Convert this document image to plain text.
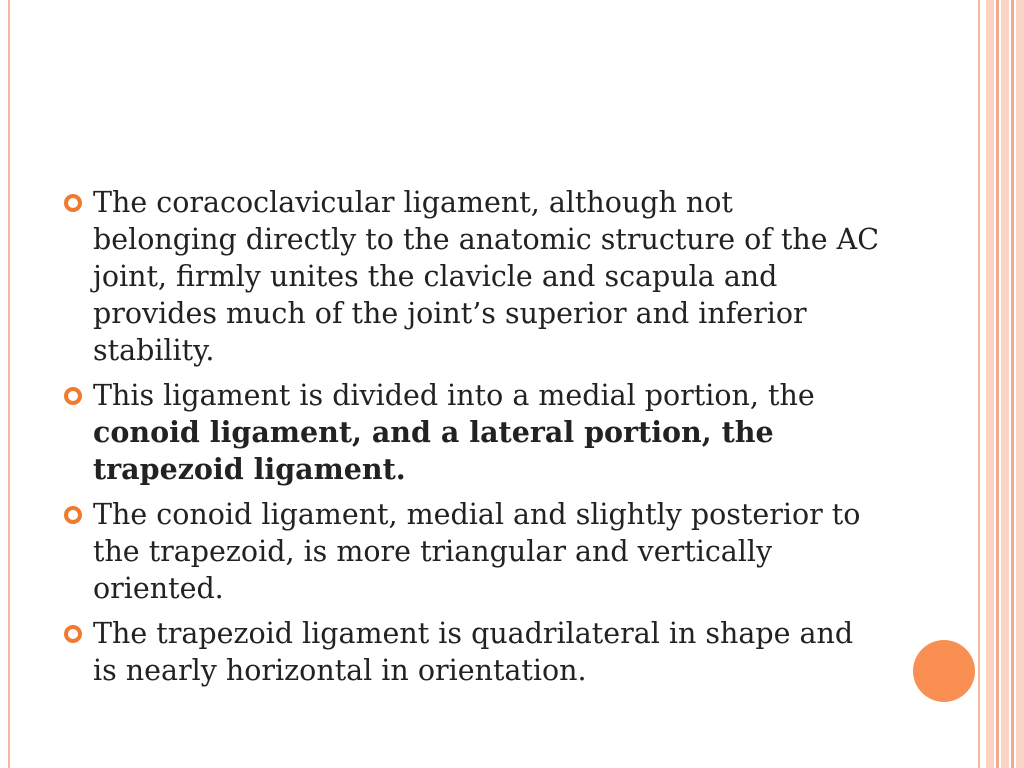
The coracoclavicular ligament, although not belonging directly to the anatomic structure of the AC joint, firmly unites the clavicle and scapula and provides much of the joint’s superior and inferior stability.
This ligament is divided into a medial portion, the conoid ligament, and a lateral portion, the trapezoid ligament.
The conoid ligament, medial and slightly posterior to the trapezoid, is more triangular and vertically oriented.
The trapezoid ligament is quadrilateral in shape and is nearly horizontal in orientation.
